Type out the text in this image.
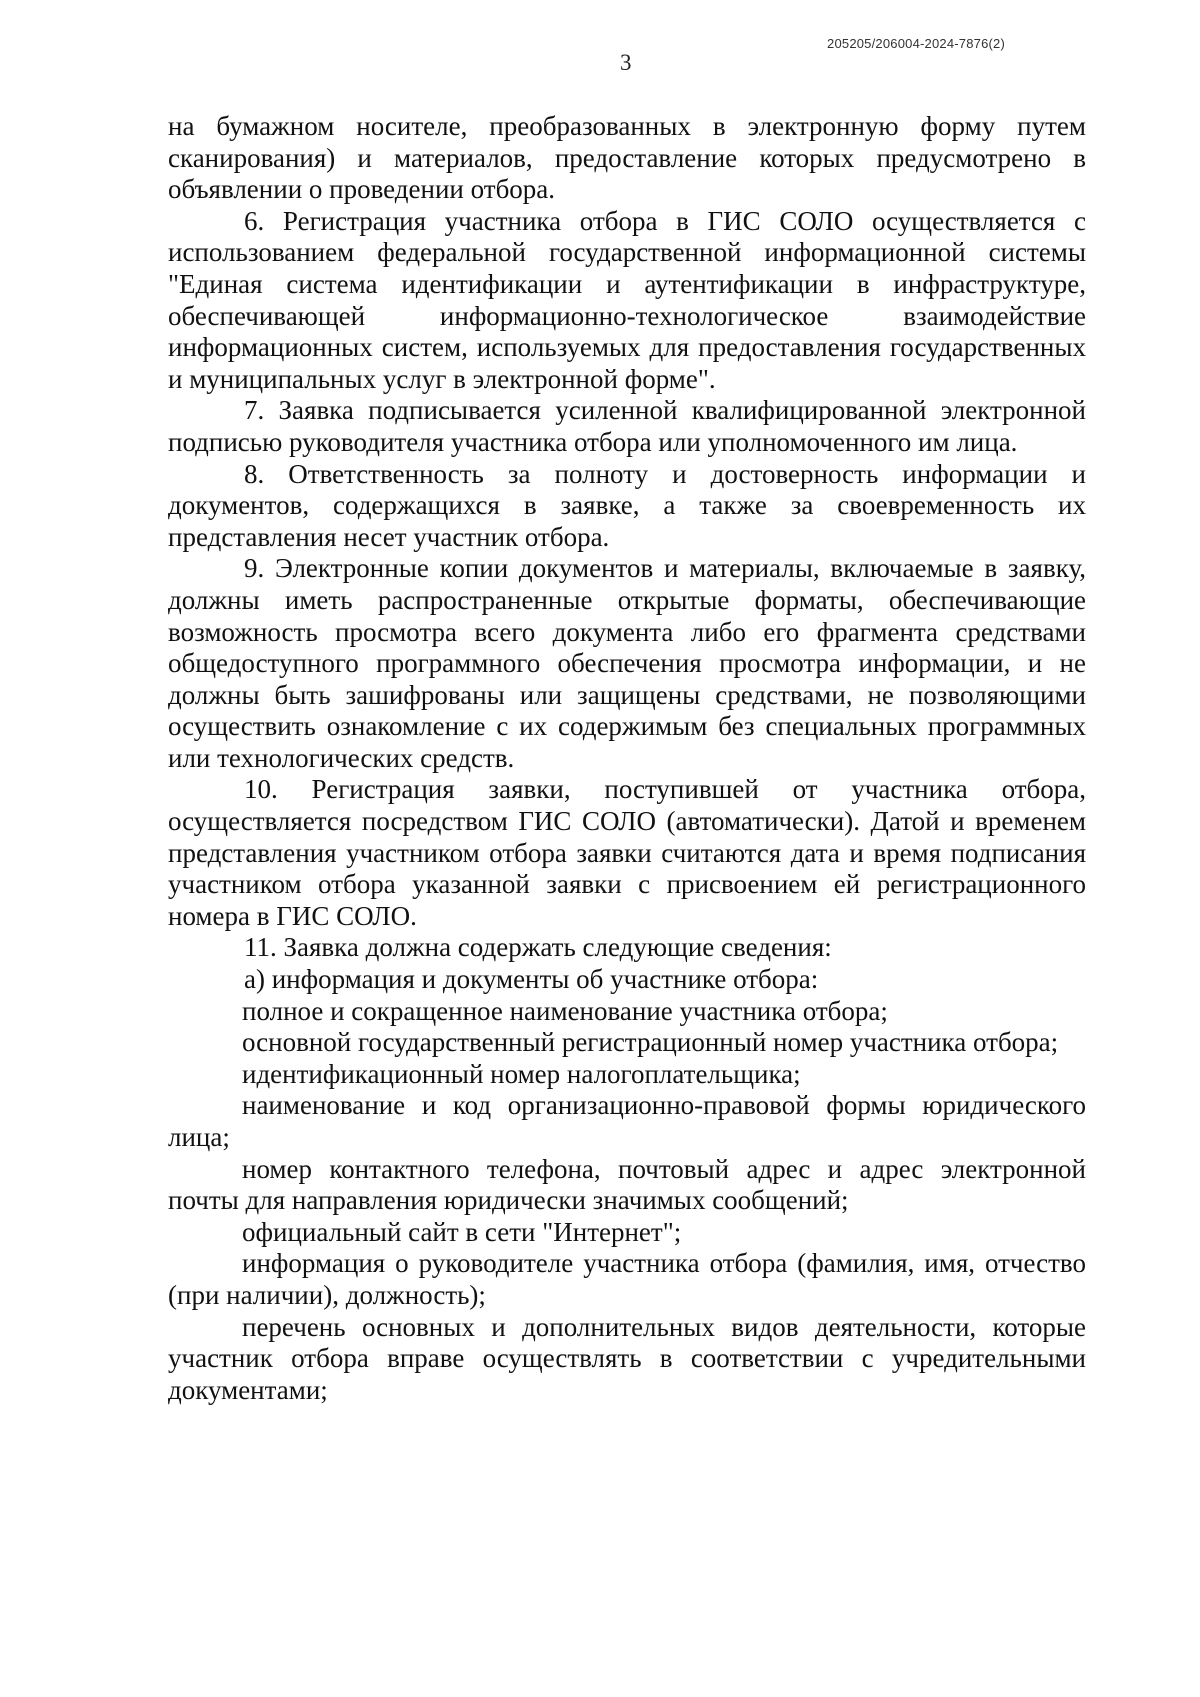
205205/206004-2024-7876(2)
3

на бумажном носителе, преобразованных в электронную форму путем сканирования) и материалов, предоставление которых предусмотрено в объявлении о проведении отбора.

6. Регистрация участника отбора в ГИС СОЛО осуществляется с использованием федеральной государственной информационной системы "Единая система идентификации и аутентификации в инфраструктуре, обеспечивающей информационно-технологическое взаимодействие информационных систем, используемых для предоставления государственных и муниципальных услуг в электронной форме".

7. Заявка подписывается усиленной квалифицированной электронной подписью руководителя участника отбора или уполномоченного им лица.

8. Ответственность за полноту и достоверность информации и документов, содержащихся в заявке, а также за своевременность их представления несет участник отбора.

9. Электронные копии документов и материалы, включаемые в заявку, должны иметь распространенные открытые форматы, обеспечивающие возможность просмотра всего документа либо его фрагмента средствами общедоступного программного обеспечения просмотра информации, и не должны быть зашифрованы или защищены средствами, не позволяющими осуществить ознакомление с их содержимым без специальных программных или технологических средств.

10. Регистрация заявки, поступившей от участника отбора, осуществляется посредством ГИС СОЛО (автоматически). Датой и временем представления участником отбора заявки считаются дата и время подписания участником отбора указанной заявки с присвоением ей регистрационного номера в ГИС СОЛО.

11. Заявка должна содержать следующие сведения:

а) информация и документы об участнике отбора:

полное и сокращенное наименование участника отбора;

основной государственный регистрационный номер участника отбора;

идентификационный номер налогоплательщика;

наименование и код организационно-правовой формы юридического лица;

номер контактного телефона, почтовый адрес и адрес электронной почты для направления юридически значимых сообщений;

официальный сайт в сети "Интернет";

информация о руководителе участника отбора (фамилия, имя, отчество (при наличии), должность);

перечень основных и дополнительных видов деятельности, которые участник отбора вправе осуществлять в соответствии с учредительными документами;
